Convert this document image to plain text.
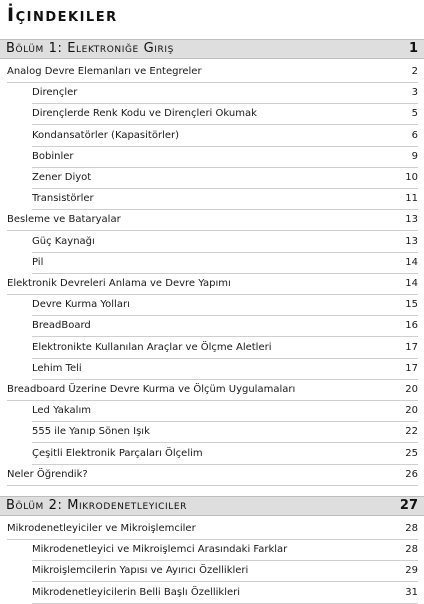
İçindekiler
Bölüm 1: Elektroniğe Giriş	1
Analog Devre Elemanları ve Entegreler	2
Dirençler	3
Dirençlerde Renk Kodu ve Dirençleri Okumak	5
Kondansatörler (Kapasitörler)	6
Bobinler	9
Zener Diyot	10
Transistörler	11
Besleme ve Bataryalar	13
Güç Kaynağı	13
Pil	14
Elektronik Devreleri Anlama ve Devre Yapımı	14
Devre Kurma Yolları	15
BreadBoard	16
Elektronikte Kullanılan Araçlar ve Ölçme Aletleri	17
Lehim Teli	17
Breadboard Üzerine Devre Kurma ve Ölçüm Uygulamaları	20
Led Yakalım	20
555 ile Yanıp Sönen Işık	22
Çeşitli Elektronik Parçaları Ölçelim	25
Neler Öğrendik?	26
Bölüm 2: Mikrodenetleyiciler	27
Mikrodenetleyiciler ve Mikroişlemciler	28
Mikrodenetleyici ve Mikroişlemci Arasındaki Farklar	28
Mikroişlemcilerin Yapısı ve Ayırıcı Özellikleri	29
Mikrodenetleyicilerin Belli Başlı Özellikleri	31
